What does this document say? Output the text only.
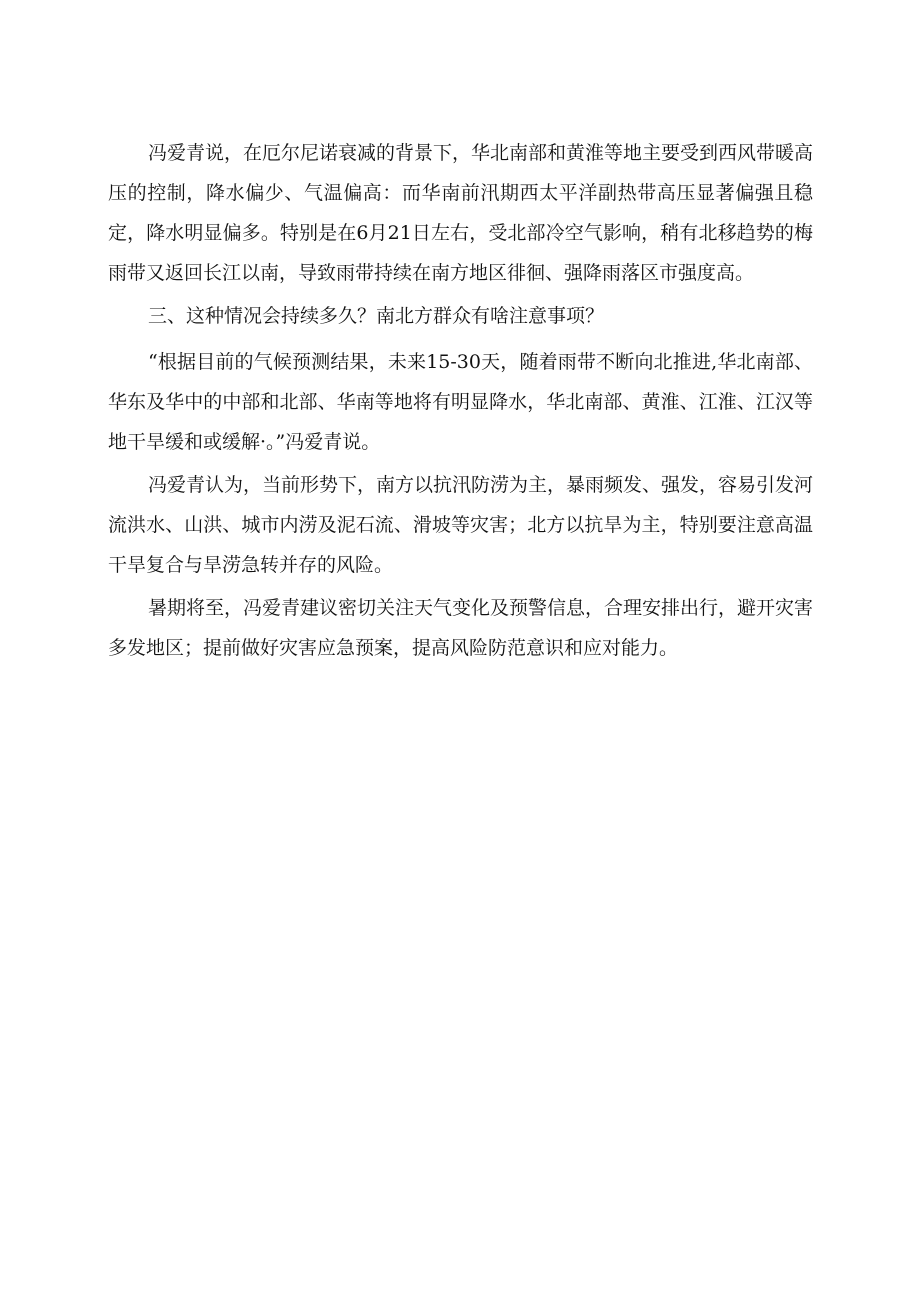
冯爱青说，在厄尔尼诺衰减的背景下，华北南部和黄淮等地主要受到西风带暖高压的控制，降水偏少、气温偏高：而华南前汛期西太平洋副热带高压显著偏强且稳定，降水明显偏多。特别是在6月21日左右，受北部冷空气影响，稍有北移趋势的梅雨带又返回长江以南，导致雨带持续在南方地区徘徊、强降雨落区市强度高。

三、这种情况会持续多久？南北方群众有啥注意事项？

“根据目前的气候预测结果，未来15-30天，随着雨带不断向北推进,华北南部、华东及华中的中部和北部、华南等地将有明显降水，华北南部、黄淮、江淮、江汉等地干旱缓和或缓解·。”冯爱青说。

冯爱青认为，当前形势下，南方以抗汛防涝为主，暴雨频发、强发，容易引发河流洪水、山洪、城市内涝及泥石流、滑坡等灾害；北方以抗旱为主，特别要注意高温干旱复合与旱涝急转并存的风险。

暑期将至，冯爱青建议密切关注天气变化及预警信息，合理安排出行，避开灾害多发地区；提前做好灾害应急预案，提高风险防范意识和应对能力。
